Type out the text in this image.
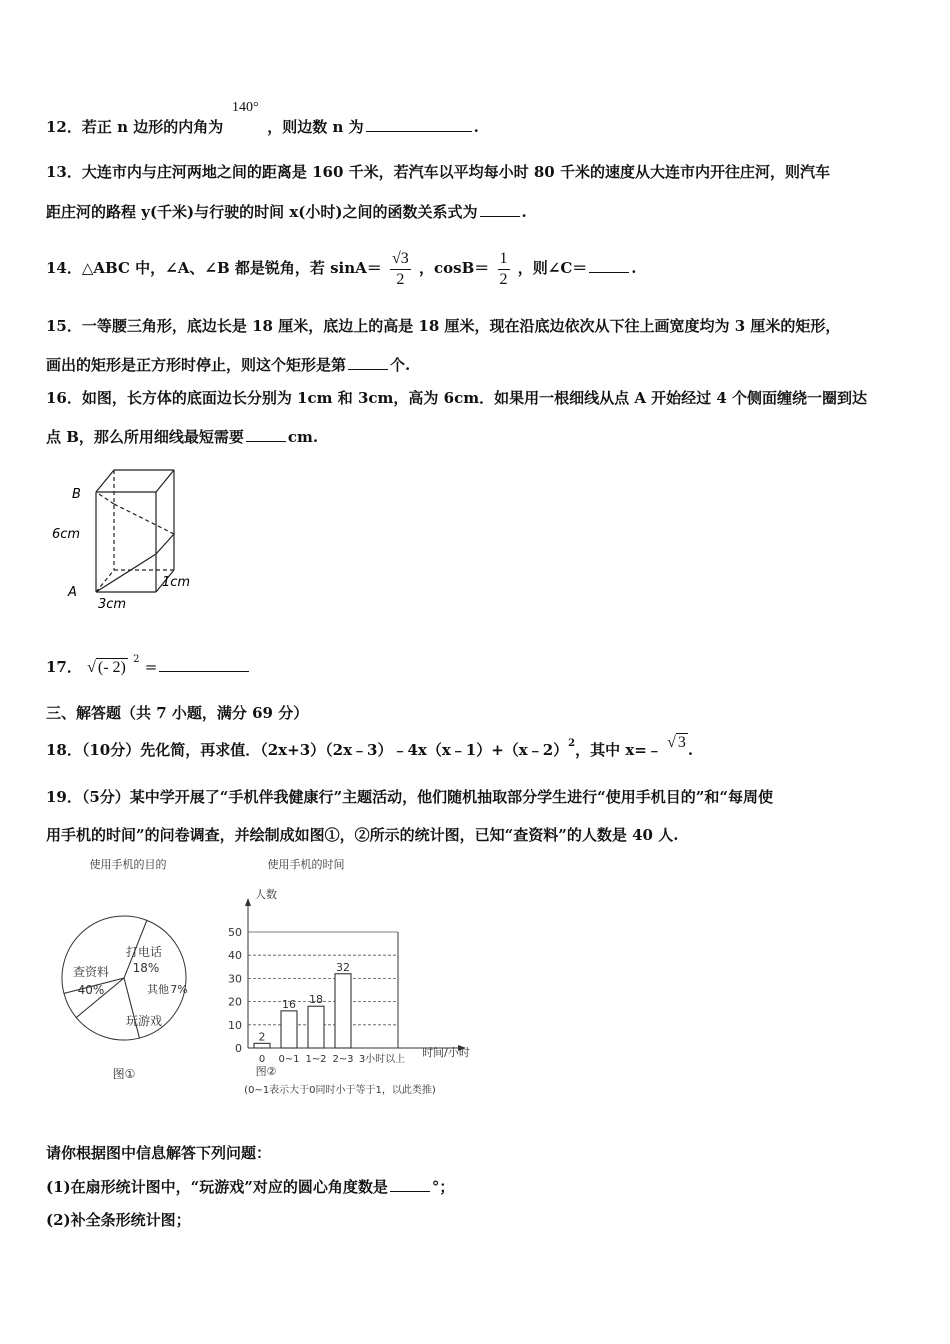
12．若正 n 边形的内角为	，则边数 n 为	.
140°
13．大连市内与庄河两地之间的距离是 160 千米，若汽车以平均每小时 80 千米的速度从大连市内开往庄河，则汽车
距庄河的路程 y(千米)与行驶的时间 x(小时)之间的函数关系式为	.
14．△ABC 中，∠A、∠B 都是锐角，若 $\sin A= \frac{√3}{2}$ ，$\cos B= \frac{1}{2}$ ，则∠C＝	.
15．一等腰三角形，底边长是 18 厘米，底边上的高是 18 厘米，现在沿底边依次从下往上画宽度均为 3 厘米的矩形，
画出的矩形是正方形时停止，则这个矩形是第	个.
16．如图，长方体的底面边长分别为 1cm 和 3cm，高为 6cm．如果用一根细线从点 A 开始经过 4 个侧面缠绕一圈到达
点 B，那么所用细线最短需要	cm.
B
A
6cm
3cm
1cm
17． √ (- 2) $^2$ =
三、解答题（共 7 小题，满分 69 分）
18．（10分）先化简，再求值．（2x+3）（2x﹣3）﹣4x（x﹣1）+（x﹣2）$^2$，其中 x=﹣ √ 3 .
19．（5分）某中学开展了“手机伴我健康行”主题活动，他们随机抽取部分学生进行“使用手机目的”和“每周使
用手机的时间”的问卷调查，并绘制成如图①，②所示的统计图，已知“查资料”的人数是 40 人.
使用手机的目的
查资料
40%
打电话
18%
其他 7%
玩游戏
图①
使用手机的时间
人数
0
10
20
30
40
50
2
0
16
0~1
18
1~2
32
2~3 3小时以上
时间/小时
图②
(0~1表示大于0同时小于等于1，以此类推)
请你根据图中信息解答下列问题：
(1)在扇形统计图中，“玩游戏”对应的圆心角度数是	°；
(2)补全条形统计图；
